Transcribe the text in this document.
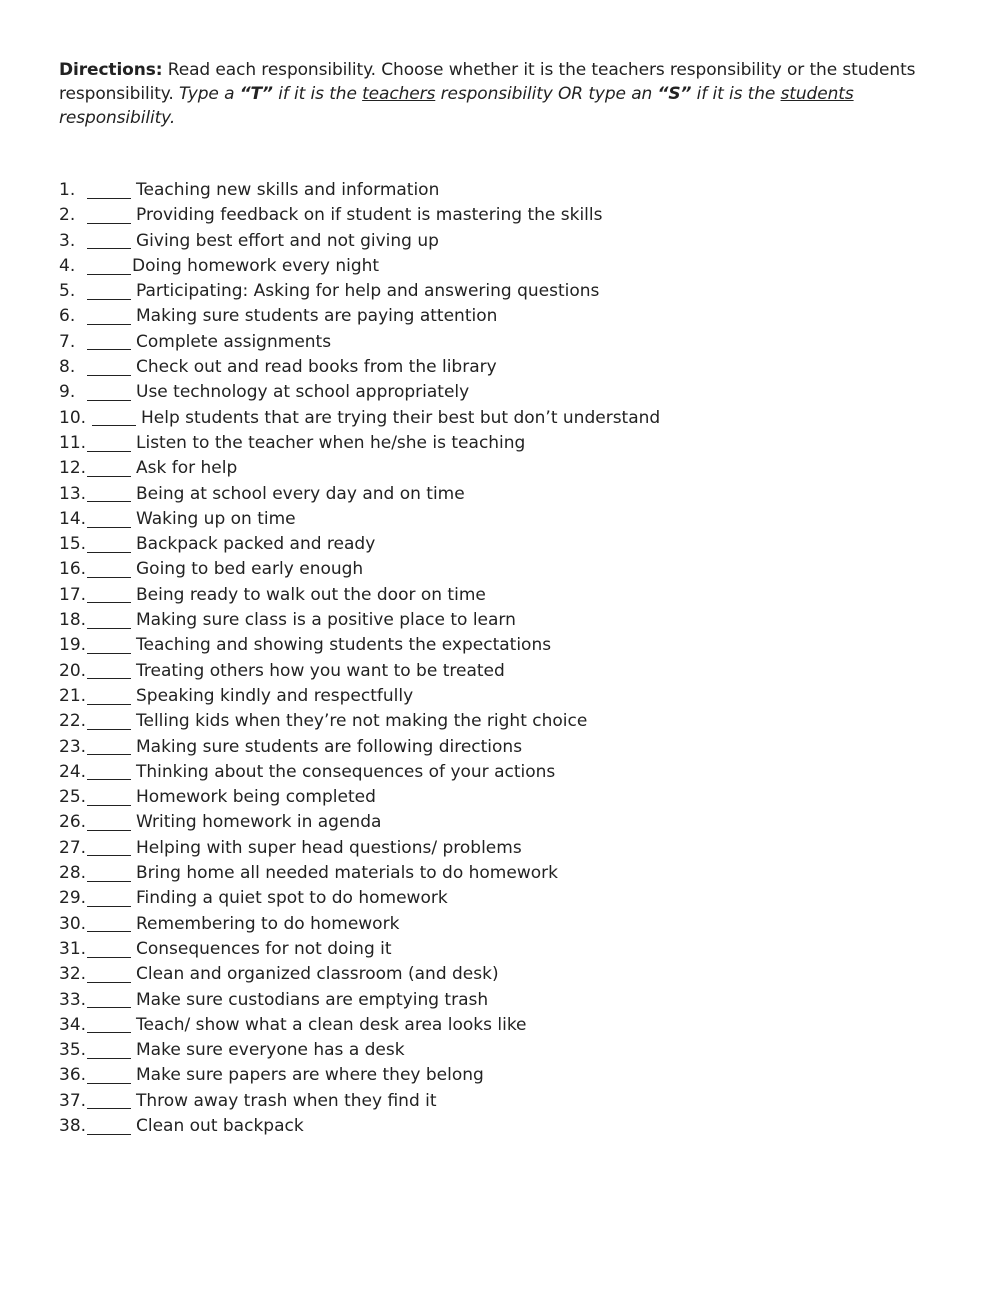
Directions: Read each responsibility. Choose whether it is the teachers responsibility or the students responsibility. Type a “T” if it is the teachers responsibility OR type an “S” if it is the students responsibility.
1.	Teaching new skills and information
2.	Providing feedback on if student is mastering the skills
3.	Giving best effort and not giving up
4.	Doing homework every night
5.	Participating: Asking for help and answering questions
6.	Making sure students are paying attention
7.	Complete assignments
8.	Check out and read books from the library
9.	Use technology at school appropriately
10.	Help students that are trying their best but don’t understand
11.	Listen to the teacher when he/she is teaching
12.	Ask for help
13.	Being at school every day and on time
14.	Waking up on time
15.	Backpack packed and ready
16.	Going to bed early enough
17.	Being ready to walk out the door on time
18.	Making sure class is a positive place to learn
19.	Teaching and showing students the expectations
20.	Treating others how you want to be treated
21.	Speaking kindly and respectfully
22.	Telling kids when they’re not making the right choice
23.	Making sure students are following directions
24.	Thinking about the consequences of your actions
25.	Homework being completed
26.	Writing homework in agenda
27.	Helping with super head questions/ problems
28.	Bring home all needed materials to do homework
29.	Finding a quiet spot to do homework
30.	Remembering to do homework
31.	Consequences for not doing it
32.	Clean and organized classroom (and desk)
33.	Make sure custodians are emptying trash
34.	Teach/ show what a clean desk area looks like
35.	Make sure everyone has a desk
36.	Make sure papers are where they belong
37.	Throw away trash when they find it
38.	Clean out backpack
